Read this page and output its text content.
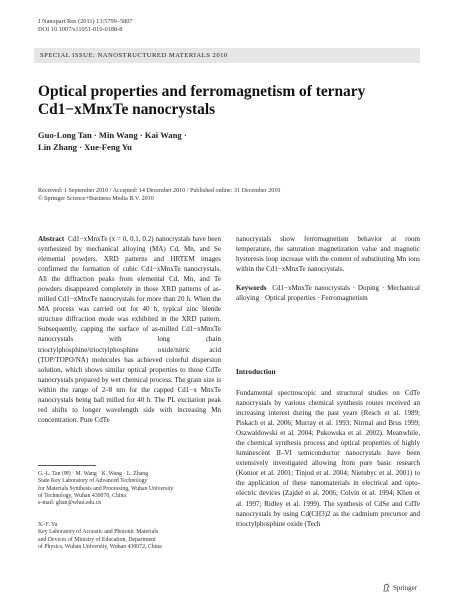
J Nanopart Res (2011) 13:5799–5807
DOI 10.1007/s11051-010-0188-8
SPECIAL ISSUE: NANOSTRUCTURED MATERIALS 2010
Optical properties and ferromagnetism of ternary
Cd1−xMnxTe nanocrystals
Guo-Long Tan · Min Wang · Kai Wang ·
Lin Zhang · Xue-Feng Yu
Received: 1 September 2010 / Accepted: 14 December 2010 / Published online: 31 December 2010
© Springer Science+Business Media B.V. 2010
Abstract Cd1−xMnxTe (x = 0, 0.1, 0.2) nanocrystals have been synthesized by mechanical alloying (MA) Cd, Mn, and Se elemental powders. XRD patterns and HRTEM images confirmed the formation of cubic Cd1−xMnxTe nanocrystals. All the diffraction peaks from elemental Cd, Mn, and Te powders disappeared completely in those XRD patterns of as-milled Cd1−xMnxTe nanocrystals for more than 20 h. When the MA process was carried out for 40 h, typical zinc blende structure diffraction mode was exhibited in the XRD pattern. Subsequently, capping the surface of as-milled Cd1−xMnxTe nanocrystals with long chain trioctylphosphine/trioctylphosphine oxide/nitric acid (TOP/TOPO/NA) molecules has achieved colorful dispersion solution, which shows similar optical properties to those CdTe nanocrystals prepared by wet chemical process. The grain size is within the range of 2–8 nm for the capped Cd1−x MnxTe nanocrystals being ball milled for 40 h. The PL excitation peak red shifts to longer wavelength side with increasing Mn concentration. Pure CdTe
nanocrystals show ferromagnetism behavior at room temperature, the saturation magnetization value and magnetic hysteresis loop increase with the content of substituting Mn ions within the Cd1−xMnxTe nanocrystals.
Keywords Cd1−xMnxTe nanocrystals · Doping · Mechanical alloying · Optical properties · Ferromagnetism
Introduction
Fundamental spectroscopic and structural studies on CdTe nanocrystals by various chemical synthesis routes received an increasing interest during the past years (Resch et al. 1989; Piskach et al. 2006; Murray et al. 1993; Nirmal and Brus 1999; Oszwaldowski et al. 2004; Pukowska et al. 2002). Meanwhile, the chemical synthesis process and optical properties of highly luminescent II–VI semiconductor nanocrystals have been extensively investigated allowing from pure basic research (Konior et al. 2001; Tinjod et al. 2004; Nietubyc et al. 2001) to the application of these nanomaterials in electrical and opto-electric devices (Zajdel et al. 2006; Colvin et al. 1994; Klien et al. 1997; Ridley et al. 1999). The synthesis of CdSe and CdTe nanocrystals by using Cd(CH3)2 as the cadmium precursor and trioctylphosphine oxide (Tech
G.-L. Tan (✉) · M. Wang · K. Wang · L. Zhang
State Key Laboratory of Advanced Technology
for Materials Synthesis and Processing, Wuhan University
of Technology, Wuhan 430070, China
e-mail: gltan@whut.edu.cn
X.-F. Yu
Key Laboratory of Acoustic and Photonic Materials
and Devices of Ministry of Education, Department
of Physics, Wuhan University, Wuhan 430072, China
Springer
